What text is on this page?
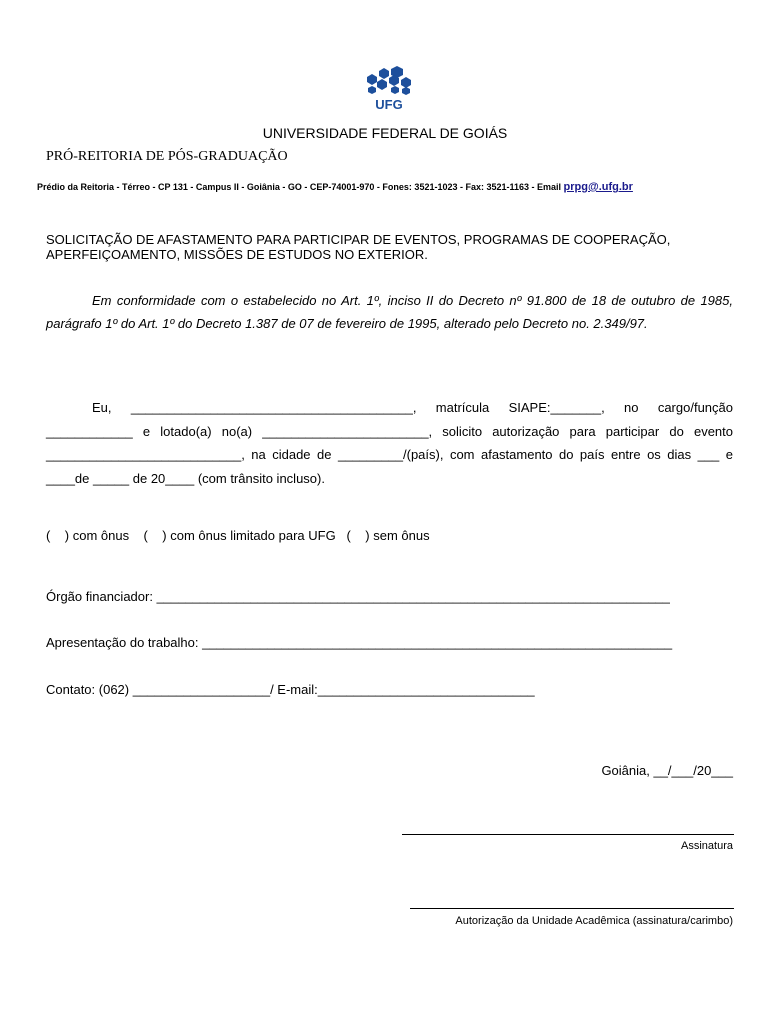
UFG
UNIVERSIDADE FEDERAL DE GOIÁS
PRÓ-REITORIA DE PÓS-GRADUAÇÃO
Prédio da Reitoria - Térreo - CP 131 - Campus II - Goiânia - GO - CEP-74001-970 - Fones: 3521-1023 - Fax: 3521-1163 - Email prpg@.ufg.br
SOLICITAÇÃO DE AFASTAMENTO PARA PARTICIPAR DE EVENTOS, PROGRAMAS DE COOPERAÇÃO, APERFEIÇOAMENTO, MISSÕES DE ESTUDOS NO EXTERIOR.
Em conformidade com o estabelecido no Art. 1º, inciso II do Decreto nº 91.800 de 18 de outubro de 1985, parágrafo 1º do Art. 1º do Decreto 1.387 de 07 de fevereiro de 1995, alterado pelo Decreto no. 2.349/97.
Eu, _______________________________________, matrícula SIAPE:_______, no cargo/função ____________ e lotado(a) no(a) _______________________, solicito autorização para participar do evento ___________________________, na cidade de _________/(país), com afastamento do país entre os dias ___ e ____de _____ de 20____ (com trânsito incluso).
(    ) com ônus    (    ) com ônus limitado para UFG   (    ) sem ônus
Órgão financiador: _______________________________________________________________________
Apresentação do trabalho: _________________________________________________________________
Contato: (062) ___________________/ E-mail:______________________________
Goiânia, __/___/20___
Assinatura
Autorização da Unidade Acadêmica (assinatura/carimbo)
